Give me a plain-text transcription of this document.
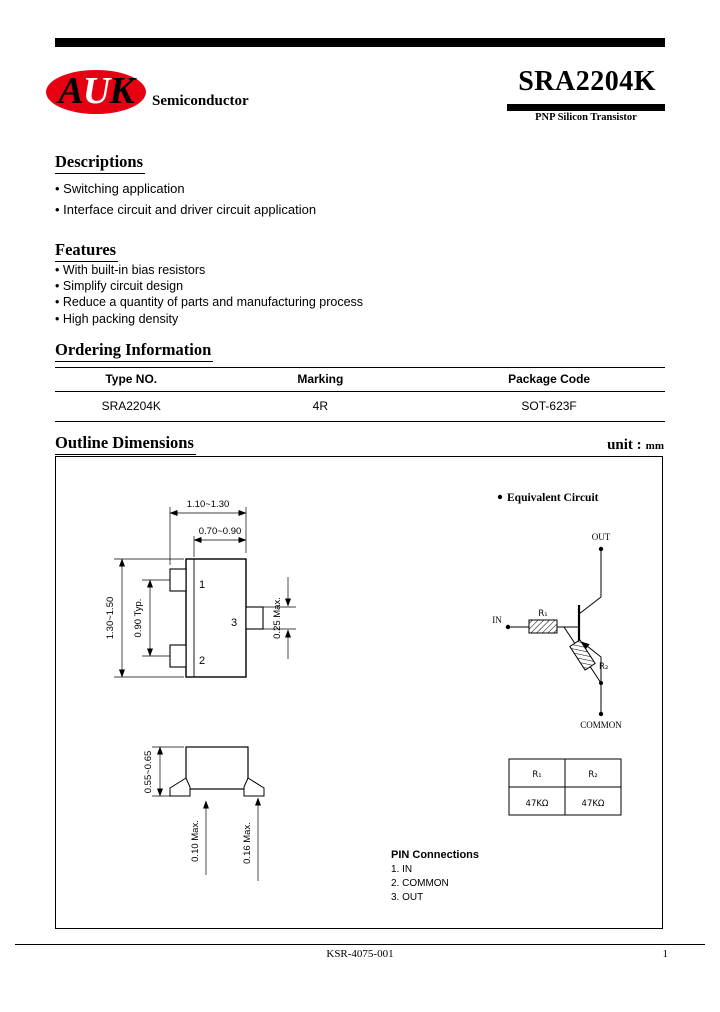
AUK	Semiconductor
SRA2204K
PNP Silicon Transistor
Descriptions
• Switching application
• Interface circuit and driver circuit application
Features
• With built-in bias resistors
• Simplify circuit design
• Reduce a quantity of parts and manufacturing process
• High packing density
Ordering Information
Type NO.	Marking	Package Code
SRA2204K	4R	SOT-623F
Outline Dimensions	unit : mm
1
2
3
1.10~1.30
0.70~0.90
1.30~1.50 0.90 Typ.	0.25 Max.
0.55~0.65
0.10 Max.	0.16 Max.
Equivalent Circuit
OUT
IN
R₁
R₂
COMMON
R₁	R₂
47KΩ	47KΩ
PIN Connections
1. IN
2. COMMON
3. OUT
KSR-4075-001	1
